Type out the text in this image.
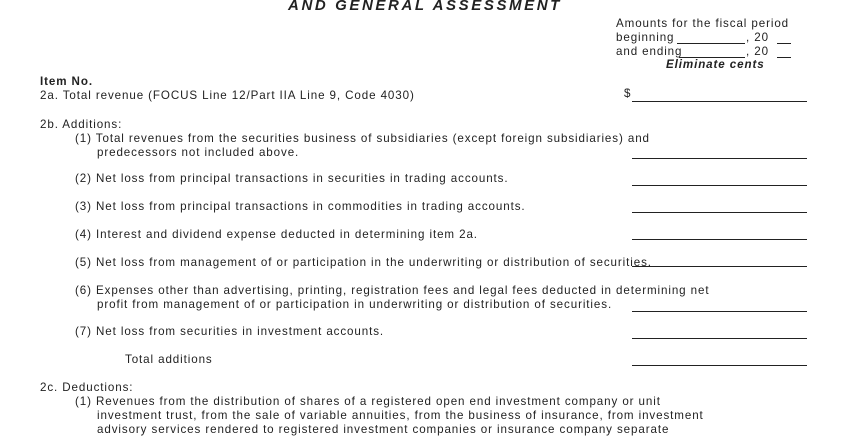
AND GENERAL ASSESSMENT
Amounts for the fiscal period
beginning	, 20
and ending	, 20
Eliminate cents
Item No.
2a. Total revenue (FOCUS Line 12/Part IIA Line 9, Code 4030)	$
2b. Additions:
(1) Total revenues from the securities business of subsidiaries (except foreign subsidiaries) and
predecessors not included above.
(2) Net loss from principal transactions in securities in trading accounts.
(3) Net loss from principal transactions in commodities in trading accounts.
(4) Interest and dividend expense deducted in determining item 2a.
(5) Net loss from management of or participation in the underwriting or distribution of securities.
(6) Expenses other than advertising, printing, registration fees and legal fees deducted in determining net
profit from management of or participation in underwriting or distribution of securities.
(7) Net loss from securities in investment accounts.
Total additions
2c. Deductions:
(1) Revenues from the distribution of shares of a registered open end investment company or unit
investment trust, from the sale of variable annuities, from the business of insurance, from investment
advisory services rendered to registered investment companies or insurance company separate
